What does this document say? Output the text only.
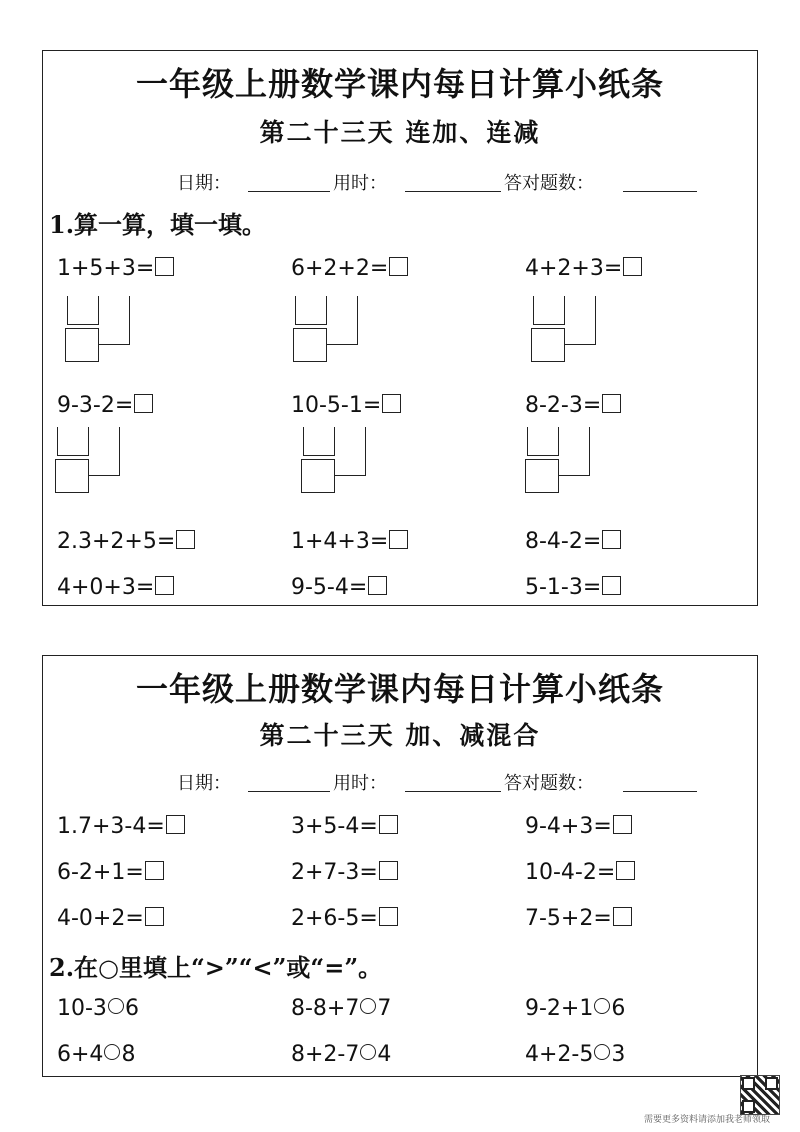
一年级上册数学课内每日计算小纸条
第二十三天 连加、连减
日期：	用时：	答对题数：
1.算一算，填一填。
1+5+3=	6+2+2=	4+2+3=
9-3-2=	10-5-1=	8-2-3=
2.3+2+5=	1+4+3=	8-4-2=
4+0+3=	9-5-4=	5-1-3=
一年级上册数学课内每日计算小纸条
第二十三天 加、减混合
日期：	用时：	答对题数：
1.7+3-4=	3+5-4=	9-4+3=
6-2+1=	2+7-3=	10-4-2=
4-0+2=	2+6-5=	7-5+2=
2.在○里填上“>”“<”或“=”。
10-3 6	8-8+7 7	9-2+1 6
6+4 8	8+2-7 4	4+2-5 3
需要更多资料请添加我老师领取
